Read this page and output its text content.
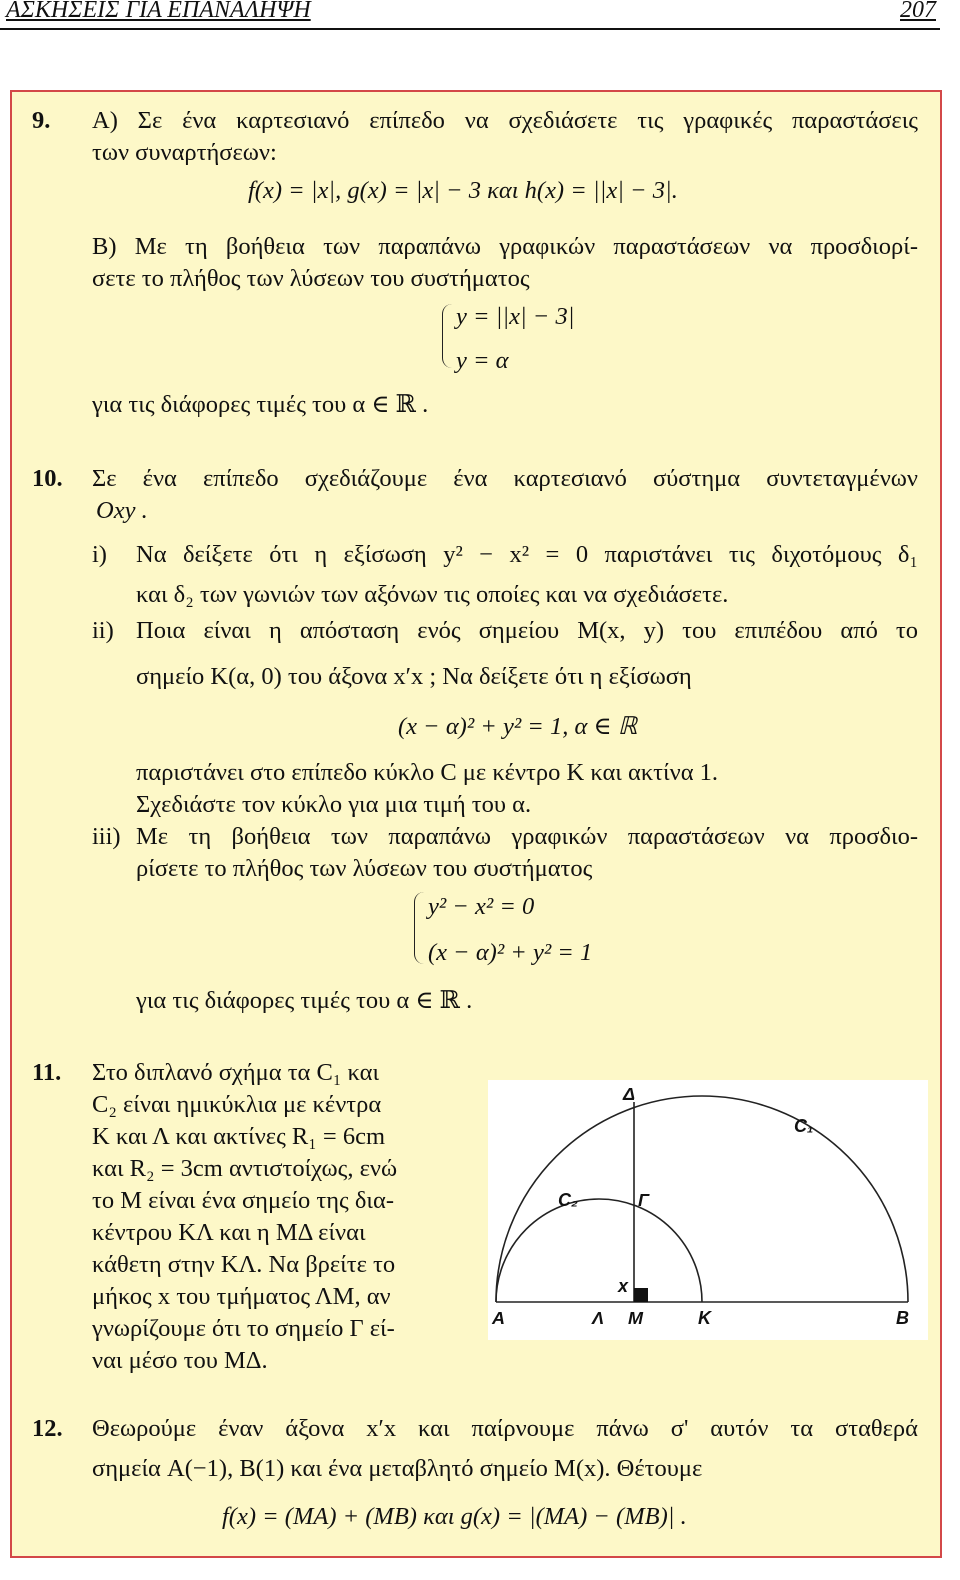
ΑΣΚΗΣΕΙΣ ΓΙΑ ΕΠΑΝΑΛΗΨΗ	207
9. Α) Σε ένα καρτεσιανό επίπεδο να σχεδιάσετε τις γραφικές παραστάσεις
των συναρτήσεων:
f(x) = |x|, g(x) = |x| − 3 και h(x) = ||x| − 3|.
Β) Με τη βοήθεια των παραπάνω γραφικών παραστάσεων να προσδιορί-
σετε το πλήθος των λύσεων του συστήματος
y = ||x| − 3|
y = α
για τις διάφορες τιμές του α ∈ ℝ .
10. Σε ένα επίπεδο σχεδιάζουμε ένα καρτεσιανό σύστημα συντεταγμένων
Oxy .
i) Να δείξετε ότι η εξίσωση y² − x² = 0 παριστάνει τις διχοτόμους δ₁
και δ₂ των γωνιών των αξόνων τις οποίες και να σχεδιάσετε.
ii) Ποια είναι η απόσταση ενός σημείου M(x, y) του επιπέδου από το
σημείο K(α, 0) του άξονα x′x ; Να δείξετε ότι η εξίσωση
(x − α)² + y² = 1, α ∈ ℝ
παριστάνει στο επίπεδο κύκλο C με κέντρο K και ακτίνα 1.
Σχεδιάστε τον κύκλο για μια τιμή του α.
iii) Με τη βοήθεια των παραπάνω γραφικών παραστάσεων να προσδιο-
ρίσετε το πλήθος των λύσεων του συστήματος
y² − x² = 0
(x − α)² + y² = 1
για τις διάφορες τιμές του α ∈ ℝ .
11. Στο διπλανό σχήμα τα C₁ και
C₂ είναι ημικύκλια με κέντρα
K και Λ και ακτίνες R₁ = 6cm
και R₂ = 3cm αντιστοίχως, ενώ
το M είναι ένα σημείο της δια-
κέντρου ΚΛ και η ΜΔ είναι
κάθετη στην ΚΛ. Να βρείτε το
μήκος x του τμήματος ΛΜ, αν
γνωρίζουμε ότι το σημείο Γ εί-
ναι μέσο του ΜΔ.
12. Θεωρούμε έναν άξονα x′x και παίρνουμε πάνω σ' αυτόν τα σταθερά
σημεία A(−1), B(1) και ένα μεταβλητό σημείο M(x). Θέτουμε
f(x) = (MA) + (MB) και g(x) = |(MA) − (MB)| .
Δ
C₁
C₂	Γ
x
Α	Λ Μ	K	B
